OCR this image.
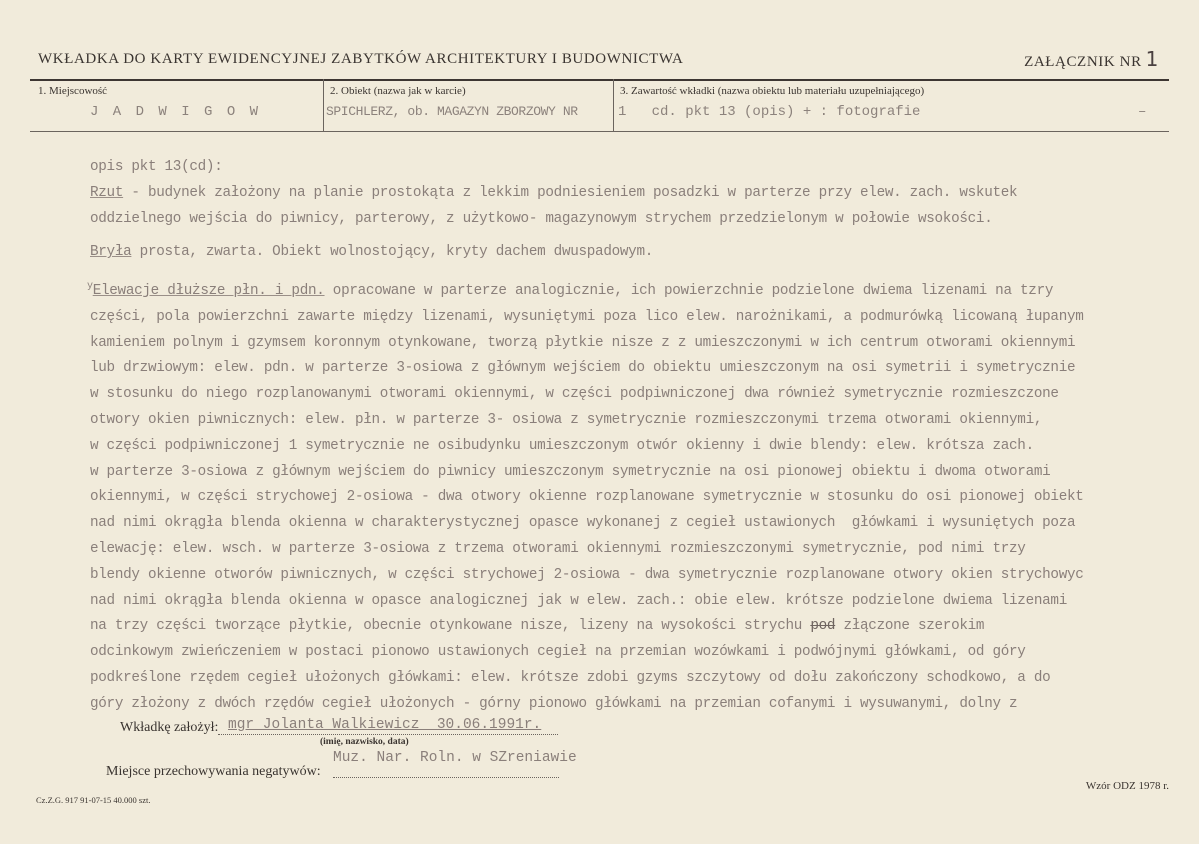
WKŁADKA DO KARTY EWIDENCYJNEJ ZABYTKÓW ARCHITEKTURY I BUDOWNICTWA	ZAŁĄCZNIK NR 1
1. Miejscowość
J A D W I G O W
2. Obiekt (nazwa jak w karcie)
SPICHLERZ, ob. MAGAZYN ZBORZOWY NR
3. Zawartość wkładki (nazwa obiektu lub materiału uzupełniającego)
1   cd. pkt 13 (opis) + : fotografie	–

opis pkt 13(cd):

Rzut - budynek założony na planie prostokąta z lekkim podniesieniem posadzki w parterze przy elew. zach. wskutek

oddzielnego wejścia do piwnicy, parterowy, z użytkowo- magazynowym strychem przedzielonym w połowie wsokości.

Bryła prosta, zwarta. Obiekt wolnostojący, kryty dachem dwuspadowym.

$^y$Elewacje dłuższe płn. i pdn. opracowane w parterze analogicznie, ich powierzchnie podzielone dwiema lizenami na tzry

części, pola powierzchni zawarte między lizenami, wysuniętymi poza lico elew. narożnikami, a podmurówką licowaną łupanym

kamieniem polnym i gzymsem koronnym otynkowane, tworzą płytkie nisze z z umieszczonymi w ich centrum otworami okiennymi

lub drzwiowym: elew. pdn. w parterze 3-osiowa z głównym wejściem do obiektu umieszczonym na osi symetrii i symetrycznie

w stosunku do niego rozplanowanymi otworami okiennymi, w części podpiwniczonej dwa również symetrycznie rozmieszczone

otwory okien piwnicznych: elew. płn. w parterze 3- osiowa z symetrycznie rozmieszczonymi trzema otworami okiennymi,

w części podpiwniczonej 1 symetrycznie ne osibudynku umieszczonym otwór okienny i dwie blendy: elew. krótsza zach.

w parterze 3-osiowa z głównym wejściem do piwnicy umieszczonym symetrycznie na osi pionowej obiektu i dwoma otworami

okiennymi, w części strychowej 2-osiowa - dwa otwory okienne rozplanowane symetrycznie w stosunku do osi pionowej obiekt

nad nimi okrągła blenda okienna w charakterystycznej opasce wykonanej z cegieł ustawionych  główkami i wysuniętych poza

elewację: elew. wsch. w parterze 3-osiowa z trzema otworami okiennymi rozmieszczonymi symetrycznie, pod nimi trzy

blendy okienne otworów piwnicznych, w części strychowej 2-osiowa - dwa symetrycznie rozplanowane otwory okien strychowyc

nad nimi okrągła blenda okienna w opasce analogicznej jak w elew. zach.: obie elew. krótsze podzielone dwiema lizenami

na trzy części tworzące płytkie, obecnie otynkowane nisze, lizeny na wysokości strychu pod złączone szerokim

odcinkowym zwieńczeniem w postaci pionowo ustawionych cegieł na przemian wozówkami i podwójnymi główkami, od góry

podkreślone rzędem cegieł ułożonych główkami: elew. krótsze zdobi gzyms szczytowy od dołu zakończony schodkowo, a do

góry złożony z dwóch rzędów cegieł ułożonych - górny pionowo główkami na przemian cofanymi i wysuwanymi, dolny z

Wkładkę założył: mgr Jolanta Walkiewicz  30.06.1991r.
(imię, nazwisko, data)
Muz. Nar. Roln. w SZreniawie
Miejsce przechowywania negatywów:
Wzór ODZ 1978 r.
Cz.Z.G. 917 91-07-15 40.000 szt.
